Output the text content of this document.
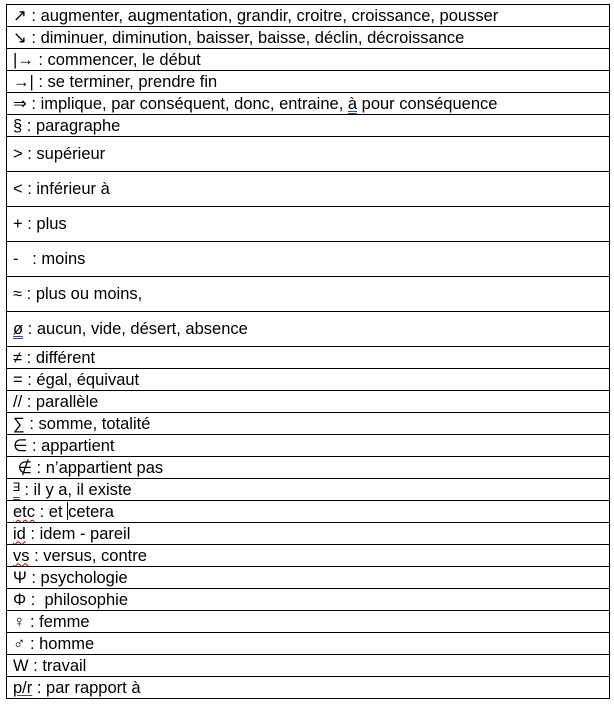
↗ : augmenter, augmentation, grandir, croitre, croissance, pousser
↘ : diminuer, diminution, baisser, baisse, déclin, décroissance
|→ : commencer, le début
→| : se terminer, prendre fin
⇒ : implique, par conséquent, donc, entraine, à pour conséquence
§ : paragraphe
> : supérieur
< : inférieur à
+ : plus
-   : moins
≈ : plus ou moins,
ø : aucun, vide, désert, absence
≠ : différent
= : égal, équivaut
// : parallèle
∑ : somme, totalité
∈ : appartient
∉ : n’appartient pas
ᴲ : il y a, il existe
etc : et cetera
id : idem - pareil
vs : versus, contre
Ψ : psychologie
Φ :  philosophie
♀ : femme
♂ : homme
W : travail
p/r : par rapport à
